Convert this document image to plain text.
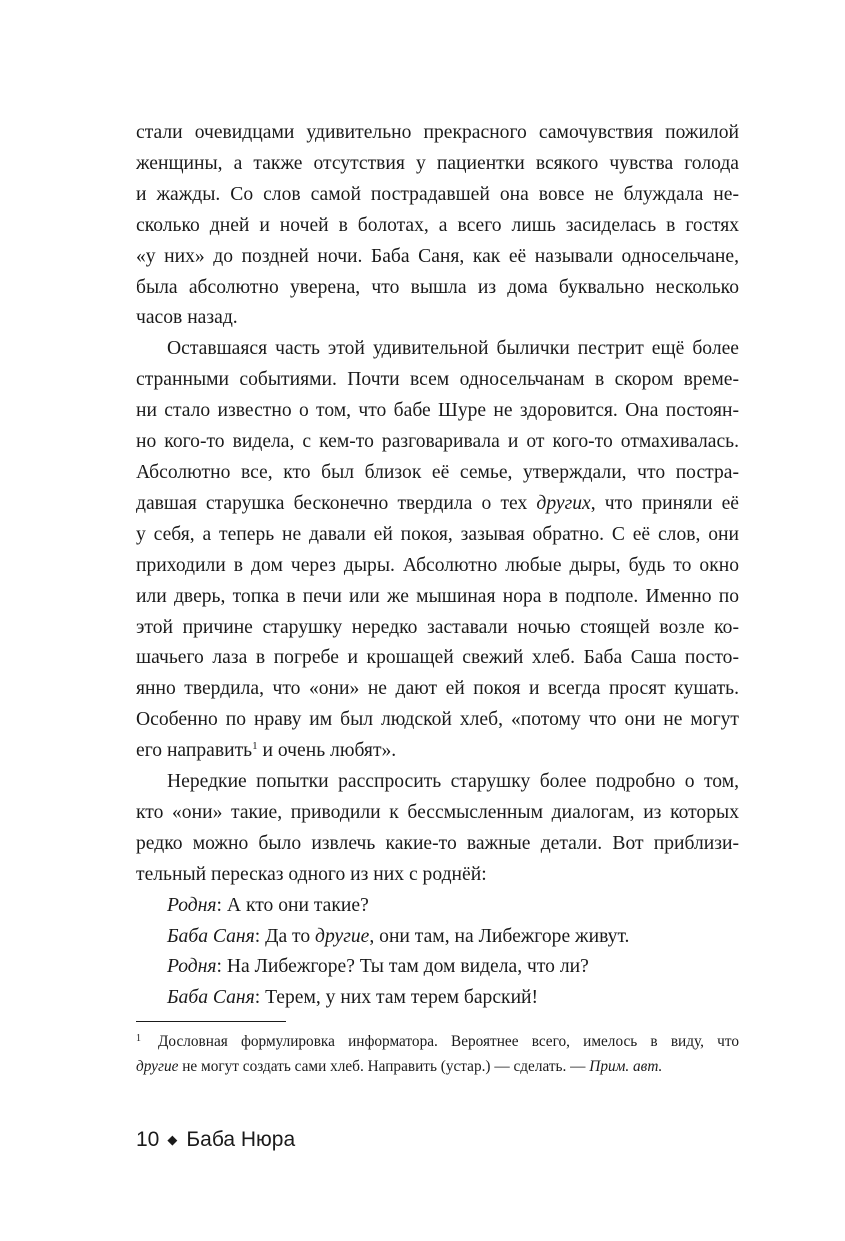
стали очевидцами удивительно прекрасного самочувствия пожилой
женщины, а также отсутствия у пациентки всякого чувства голода
и жажды. Со слов самой пострадавшей она вовсе не блуждала не-
сколько дней и ночей в болотах, а всего лишь засиделась в гостях
«у них» до поздней ночи. Баба Саня, как её называли односельчане,
была абсолютно уверена, что вышла из дома буквально несколько
часов назад.

Оставшаяся часть этой удивительной былички пестрит ещё более
странными событиями. Почти всем односельчанам в скором време-
ни стало известно о том, что бабе Шуре не здоровится. Она постоян-
но кого-то видела, с кем-то разговаривала и от кого-то отмахивалась.
Абсолютно все, кто был близок её семье, утверждали, что постра-
давшая старушка бесконечно твердила о тех других, что приняли её
у себя, а теперь не давали ей покоя, зазывая обратно. С её слов, они
приходили в дом через дыры. Абсолютно любые дыры, будь то окно
или дверь, топка в печи или же мышиная нора в подполе. Именно по
этой причине старушку нередко заставали ночью стоящей возле ко-
шачьего лаза в погребе и крошащей свежий хлеб. Баба Саша посто-
янно твердила, что «они» не дают ей покоя и всегда просят кушать.
Особенно по нраву им был людской хлеб, «потому что они не могут
его направить$^1$ и очень любят».

Нередкие попытки расспросить старушку более подробно о том,
кто «они» такие, приводили к бессмысленным диалогам, из которых
редко можно было извлечь какие-то важные детали. Вот приблизи-
тельный пересказ одного из них с роднёй:

Родня: А кто они такие?
Баба Саня: Да то другие, они там, на Либежгоре живут.
Родня: На Либежгоре? Ты там дом видела, что ли?
Баба Саня: Терем, у них там терем барский!
1 Дословная формулировка информатора. Вероятнее всего, имелось в виду, что
другие не могут создать сами хлеб. Направить (устар.) — сделать. — Прим. авт.
10 ◆ Баба Нюра
